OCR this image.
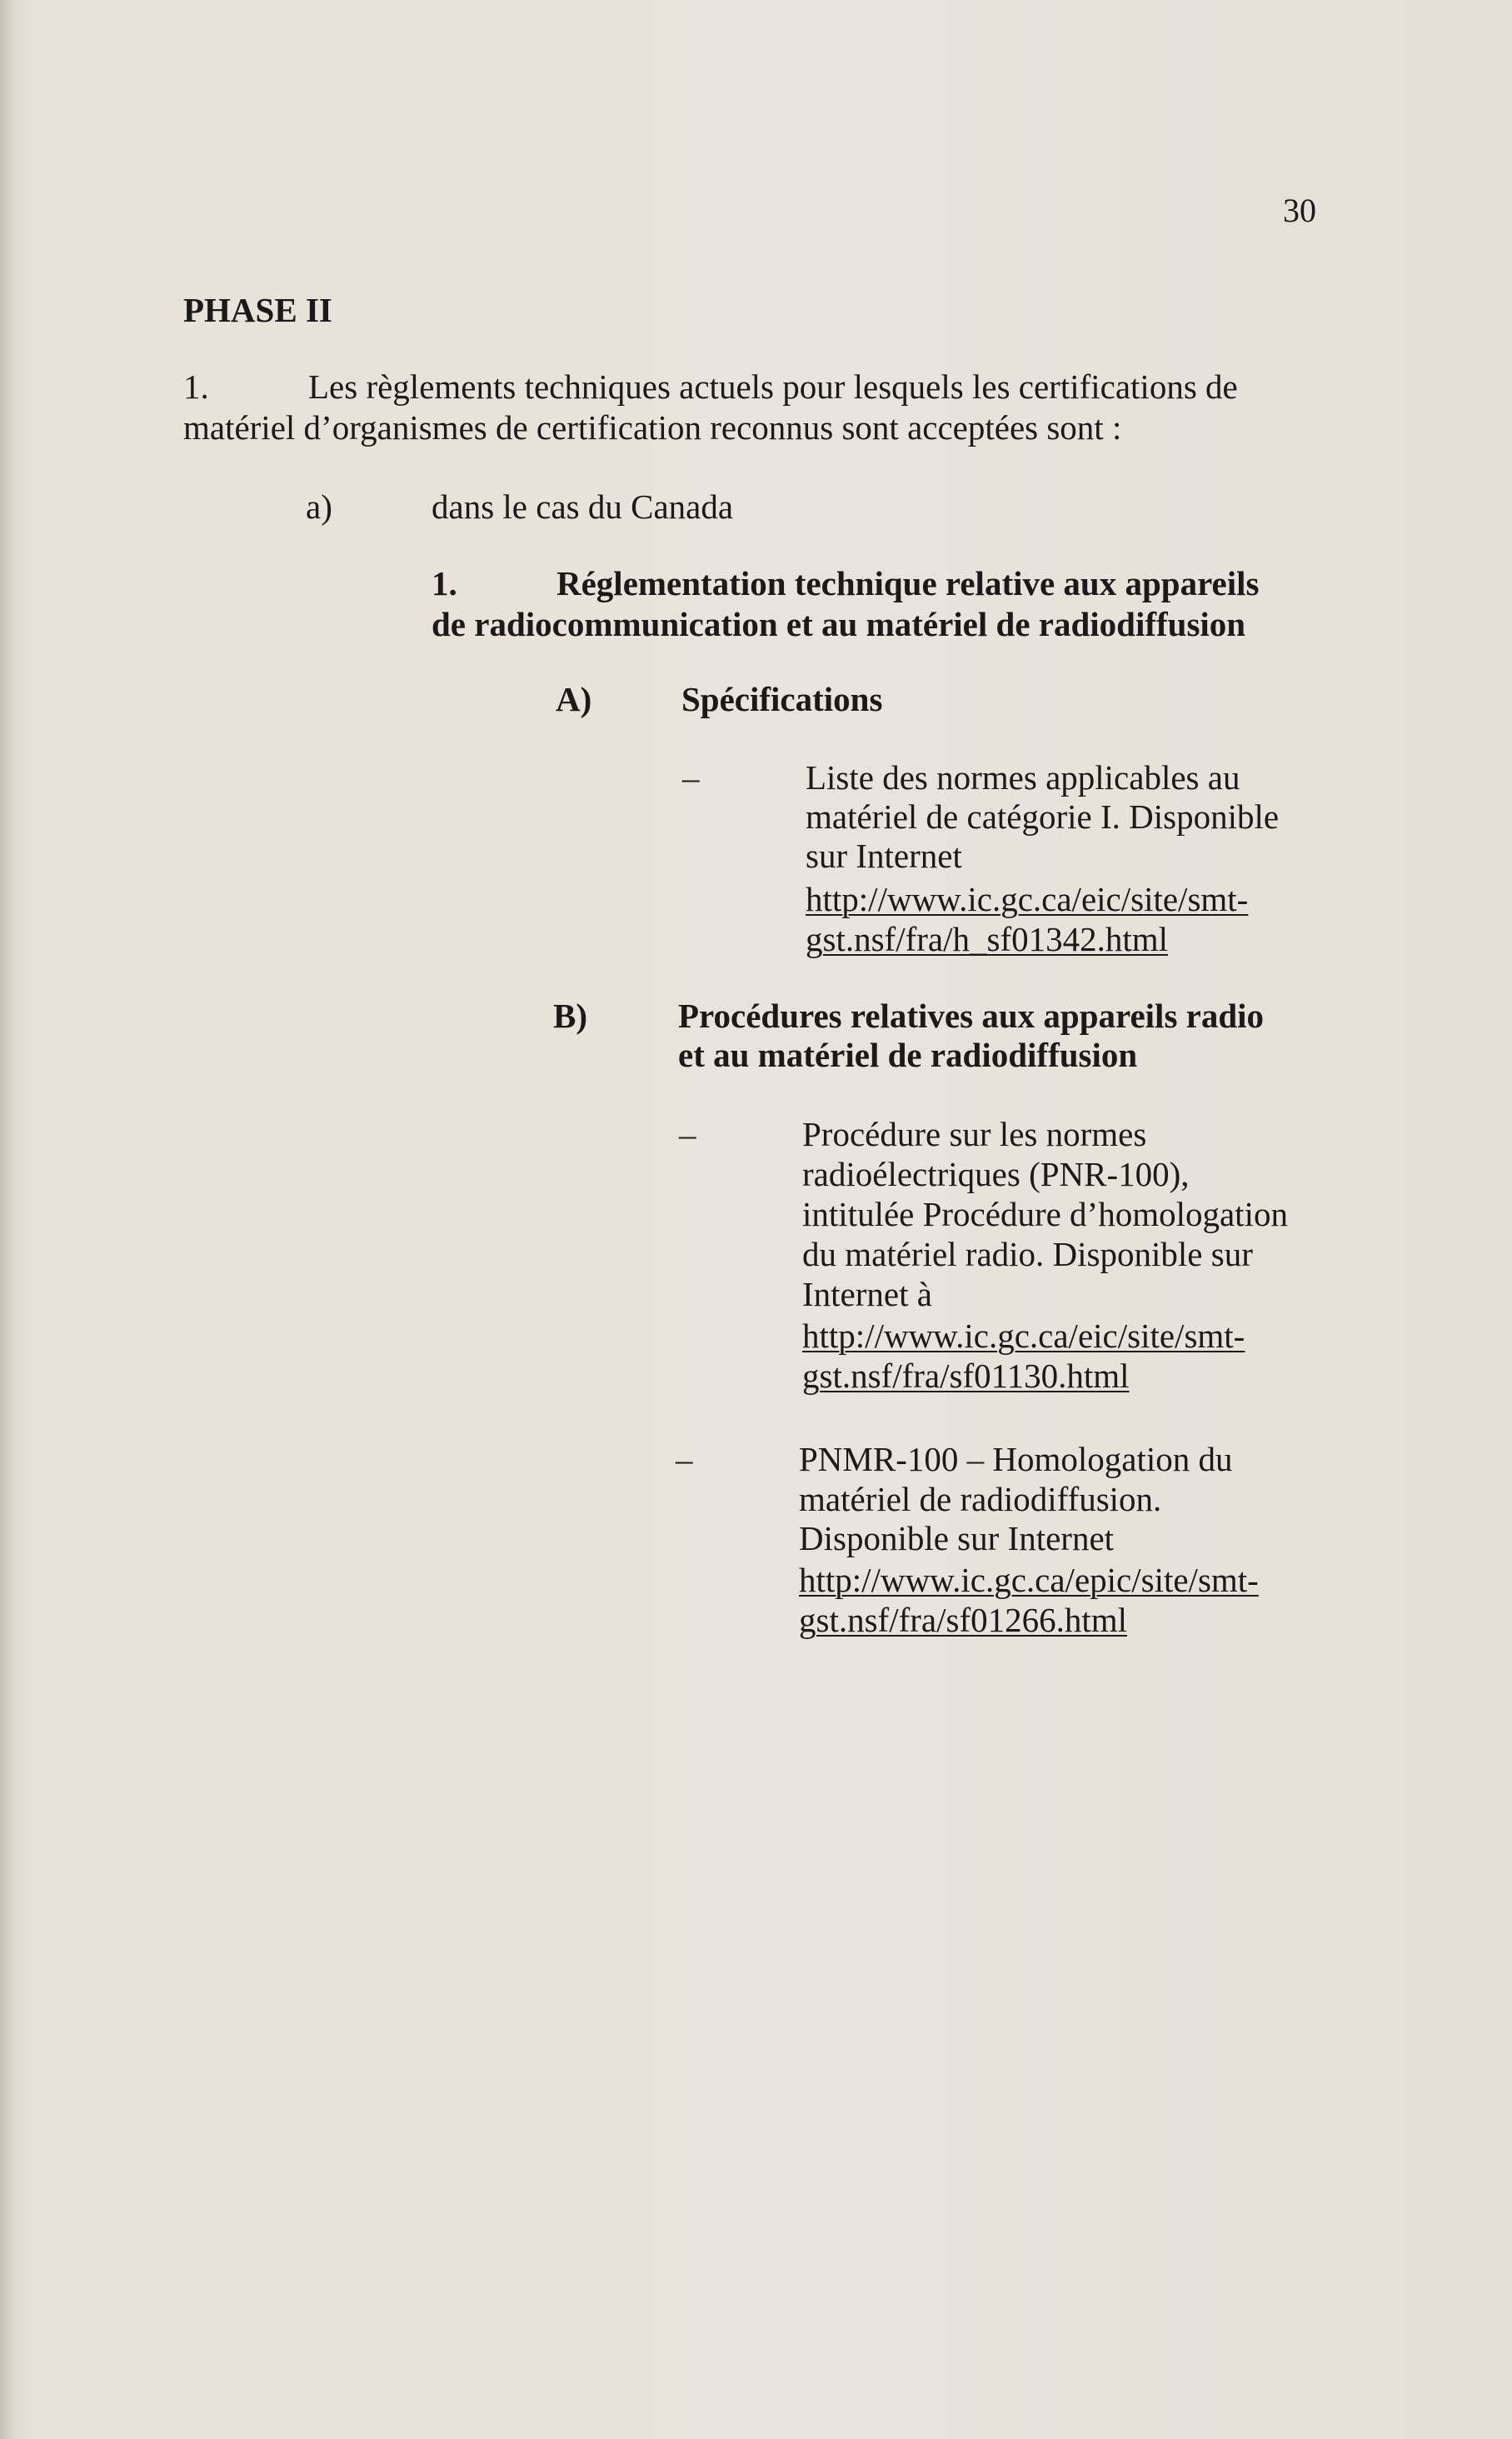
30
PHASE II
1.	Les règlements techniques actuels pour lesquels les certifications de
matériel d’organismes de certification reconnus sont acceptées sont :
a)	dans le cas du Canada
1.	Réglementation technique relative aux appareils
de radiocommunication et au matériel de radiodiffusion
A)	Spécifications
–	Liste des normes applicables au
matériel de catégorie I. Disponible
sur Internet
http://www.ic.gc.ca/eic/site/smt-
gst.nsf/fra/h_sf01342.html
B)	Procédures relatives aux appareils radio
et au matériel de radiodiffusion
–	Procédure sur les normes
radioélectriques (PNR-100),
intitulée Procédure d’homologation
du matériel radio. Disponible sur
Internet à
http://www.ic.gc.ca/eic/site/smt-
gst.nsf/fra/sf01130.html
–	PNMR-100 – Homologation du
matériel de radiodiffusion.
Disponible sur Internet
http://www.ic.gc.ca/epic/site/smt-
gst.nsf/fra/sf01266.html
